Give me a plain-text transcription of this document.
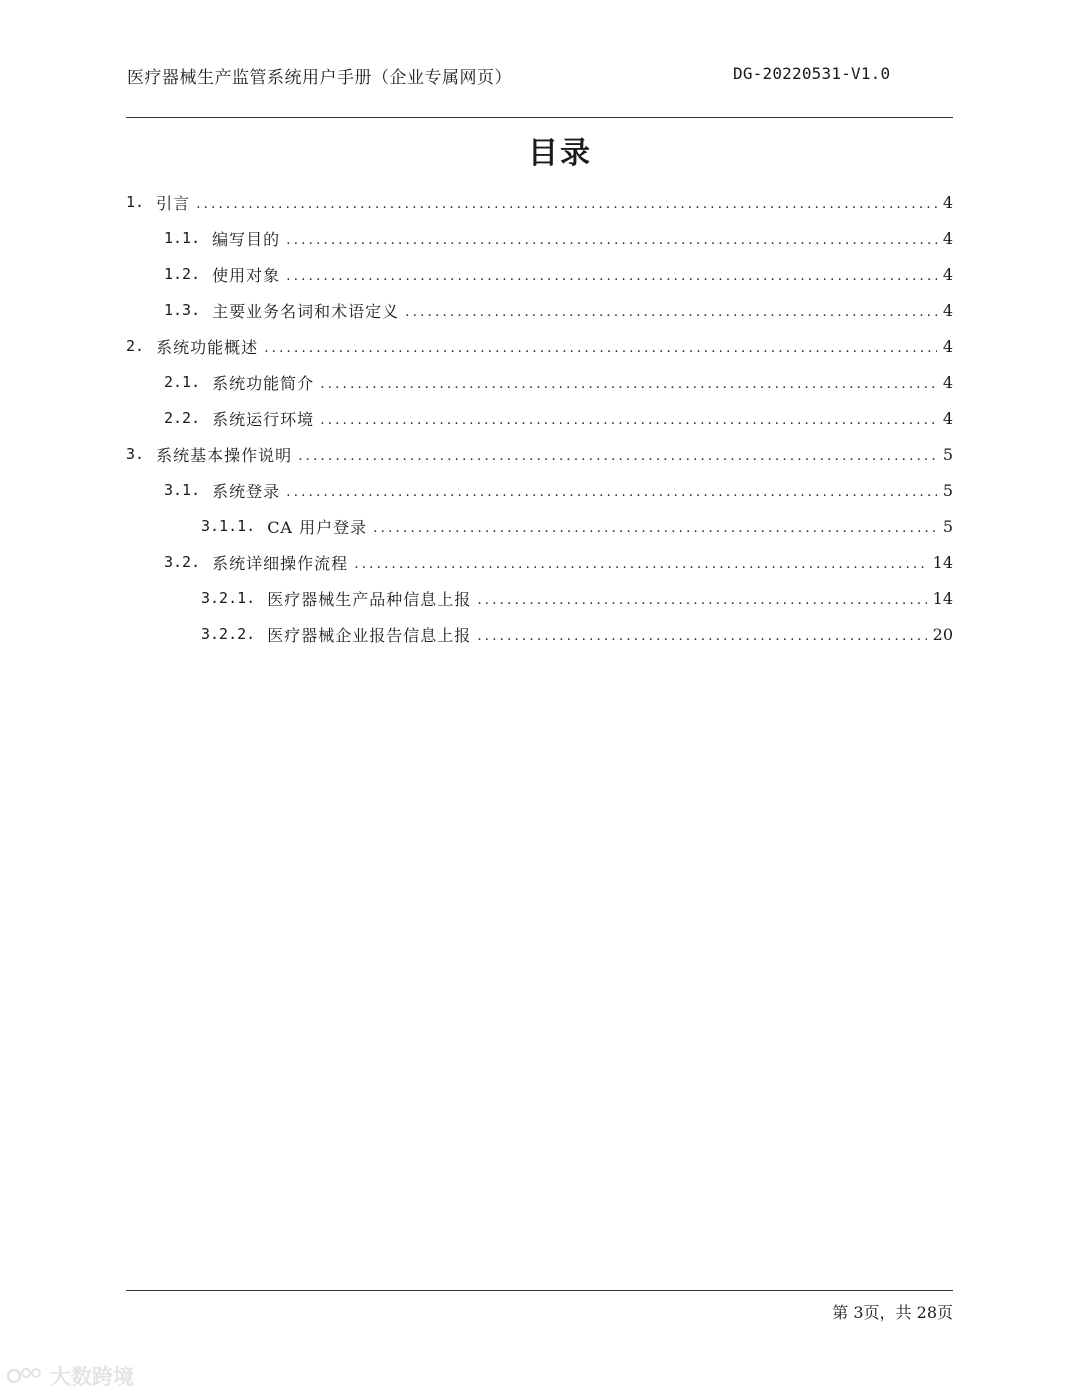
医疗器械生产监管系统用户手册（企业专属网页）	DG-20220531-V1.0
目录
1. 引言 .....	4
1.1. 编写目的 .....	4
1.2. 使用对象 .....	4
1.3. 主要业务名词和术语定义 .....	4
2. 系统功能概述 .....	4
2.1. 系统功能简介 .....	4
2.2. 系统运行环境 .....	4
3. 系统基本操作说明 .....	5
3.1. 系统登录 .....	5
3.1.1. CA 用户登录 .....	5
3.2. 系统详细操作流程 .....	14
3.2.1. 医疗器械生产品种信息上报 .....	14
3.2.2. 医疗器械企业报告信息上报 .....	20
第 3页，共 28页
大数跨境
